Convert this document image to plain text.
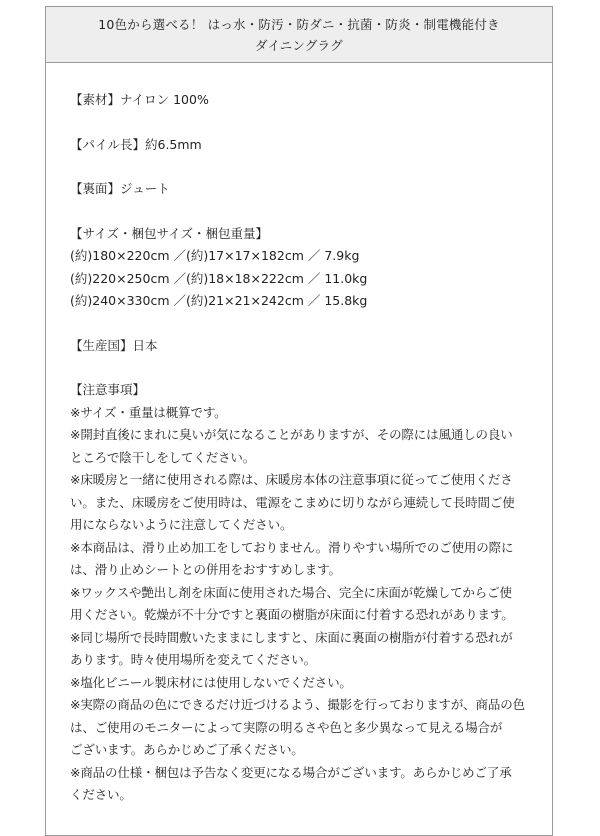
10色から選べる！ はっ水・防汚・防ダニ・抗菌・防炎・制電機能付き
ダイニングラグ
【素材】ナイロン 100%
【パイル長】約6.5mm
【裏面】ジュート
【サイズ・梱包サイズ・梱包重量】
(約)180×220cm ／(約)17×17×182cm ／ 7.9kg
(約)220×250cm ／(約)18×18×222cm ／ 11.0kg
(約)240×330cm ／(約)21×21×242cm ／ 15.8kg
【生産国】日本
【注意事項】
※サイズ・重量は概算です。
※開封直後にまれに臭いが気になることがありますが、その際には風通しの良い
ところで陰干しをしてください。
※床暖房と一緒に使用される際は、床暖房本体の注意事項に従ってご使用くださ
い。また、床暖房をご使用時は、電源をこまめに切りながら連続して長時間ご使
用にならないように注意してください。
※本商品は、滑り止め加工をしておりません。滑りやすい場所でのご使用の際に
は、滑り止めシートとの併用をおすすめします。
※ワックスや艶出し剤を床面に使用された場合、完全に床面が乾燥してからご使
用ください。乾燥が不十分ですと裏面の樹脂が床面に付着する恐れがあります。
※同じ場所で長時間敷いたままにしますと、床面に裏面の樹脂が付着する恐れが
あります。時々使用場所を変えてください。
※塩化ビニール製床材には使用しないでください。
※実際の商品の色にできるだけ近づけるよう、撮影を行っておりますが、商品の色
は、ご使用のモニターによって実際の明るさや色と多少異なって見える場合が
ございます。あらかじめご了承ください。
※商品の仕様・梱包は予告なく変更になる場合がございます。あらかじめご了承
ください。
